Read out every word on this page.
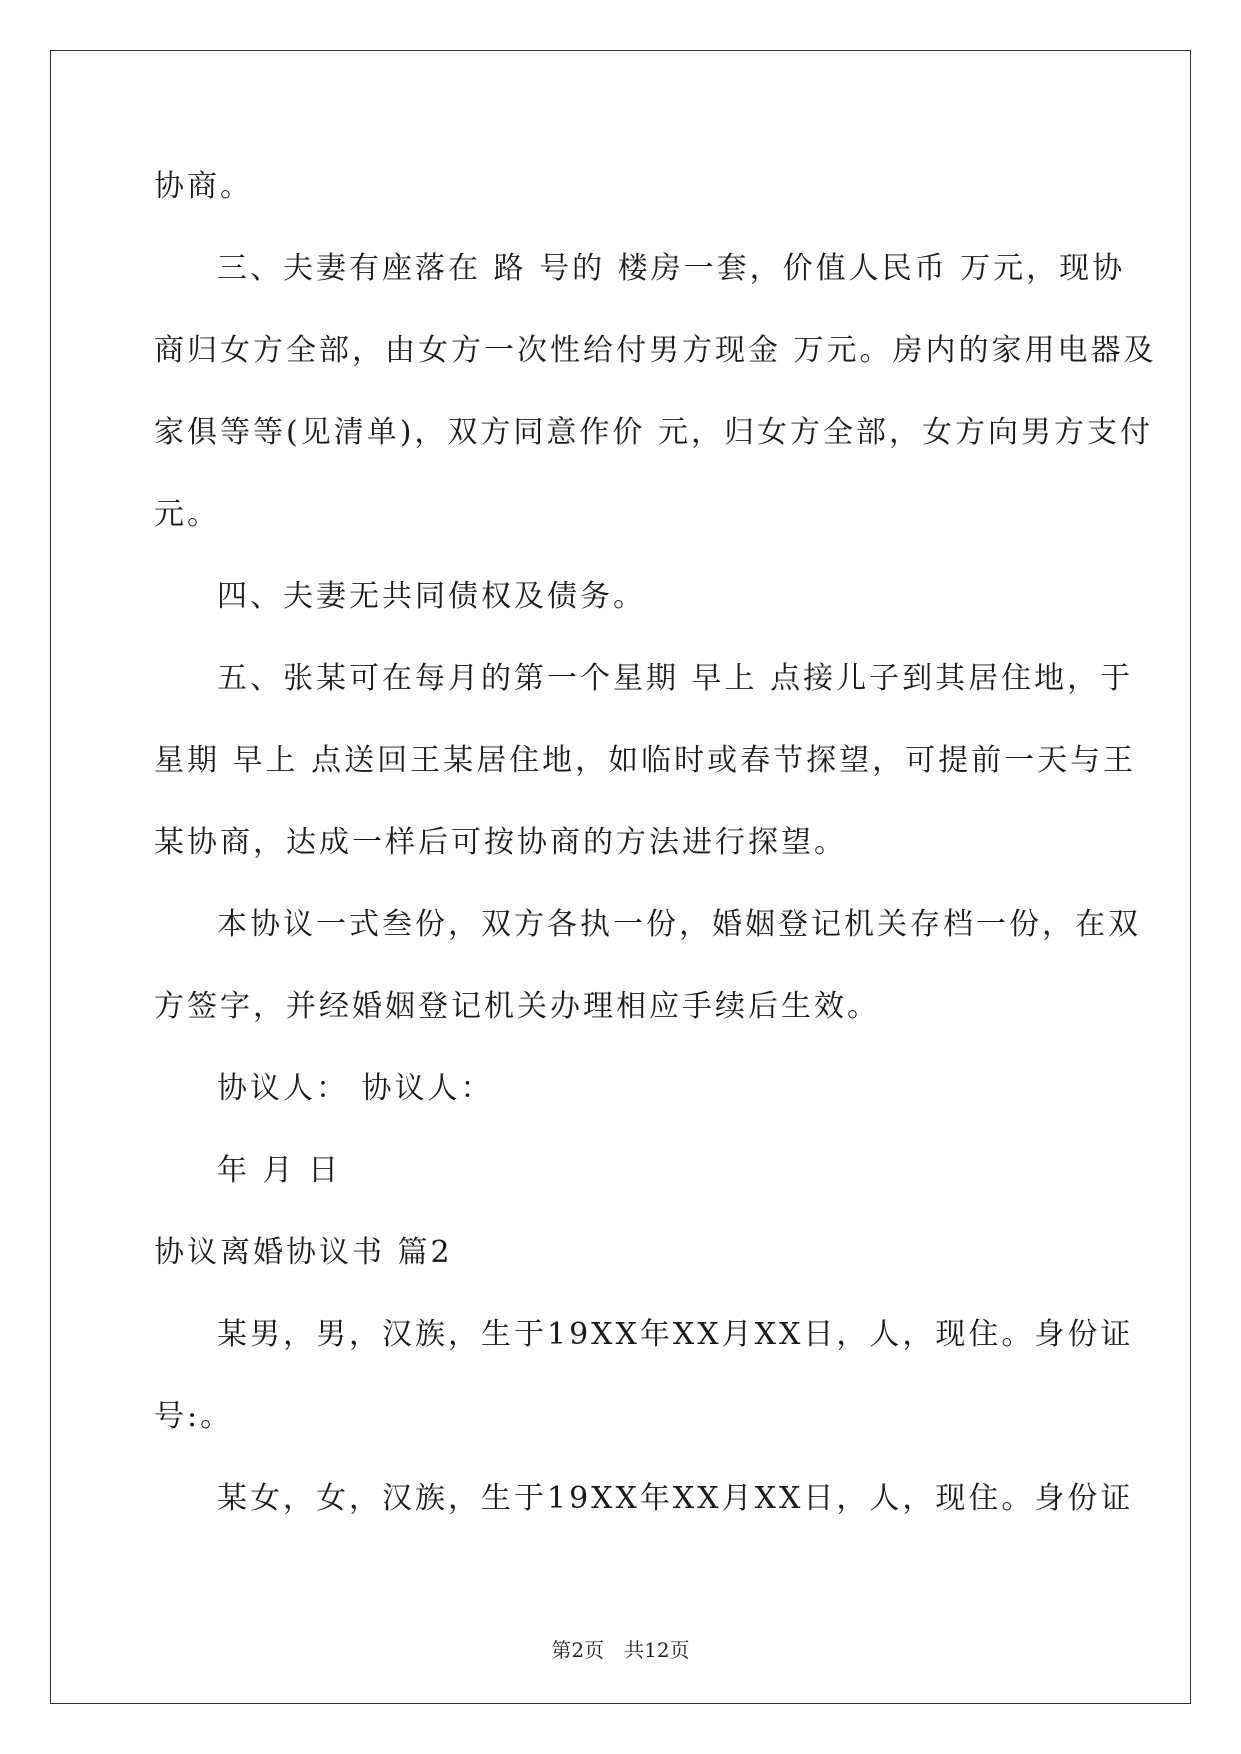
协商。
三、夫妻有座落在 路 号的 楼房一套，价值人民币 万元，现协
商归女方全部，由女方一次性给付男方现金 万元。房内的家用电器及
家俱等等(见清单)，双方同意作价 元，归女方全部，女方向男方支付
元。
四、夫妻无共同债权及债务。
五、张某可在每月的第一个星期 早上 点接儿子到其居住地，于
星期 早上 点送回王某居住地，如临时或春节探望，可提前一天与王
某协商，达成一样后可按协商的方法进行探望。
本协议一式叁份，双方各执一份，婚姻登记机关存档一份，在双
方签字，并经婚姻登记机关办理相应手续后生效。
协议人： 协议人：
年 月 日
协议离婚协议书 篇2
某男，男，汉族，生于19XX年XX月XX日，人，现住。身份证
号:。
某女，女，汉族，生于19XX年XX月XX日，人，现住。身份证
第2页　共12页
